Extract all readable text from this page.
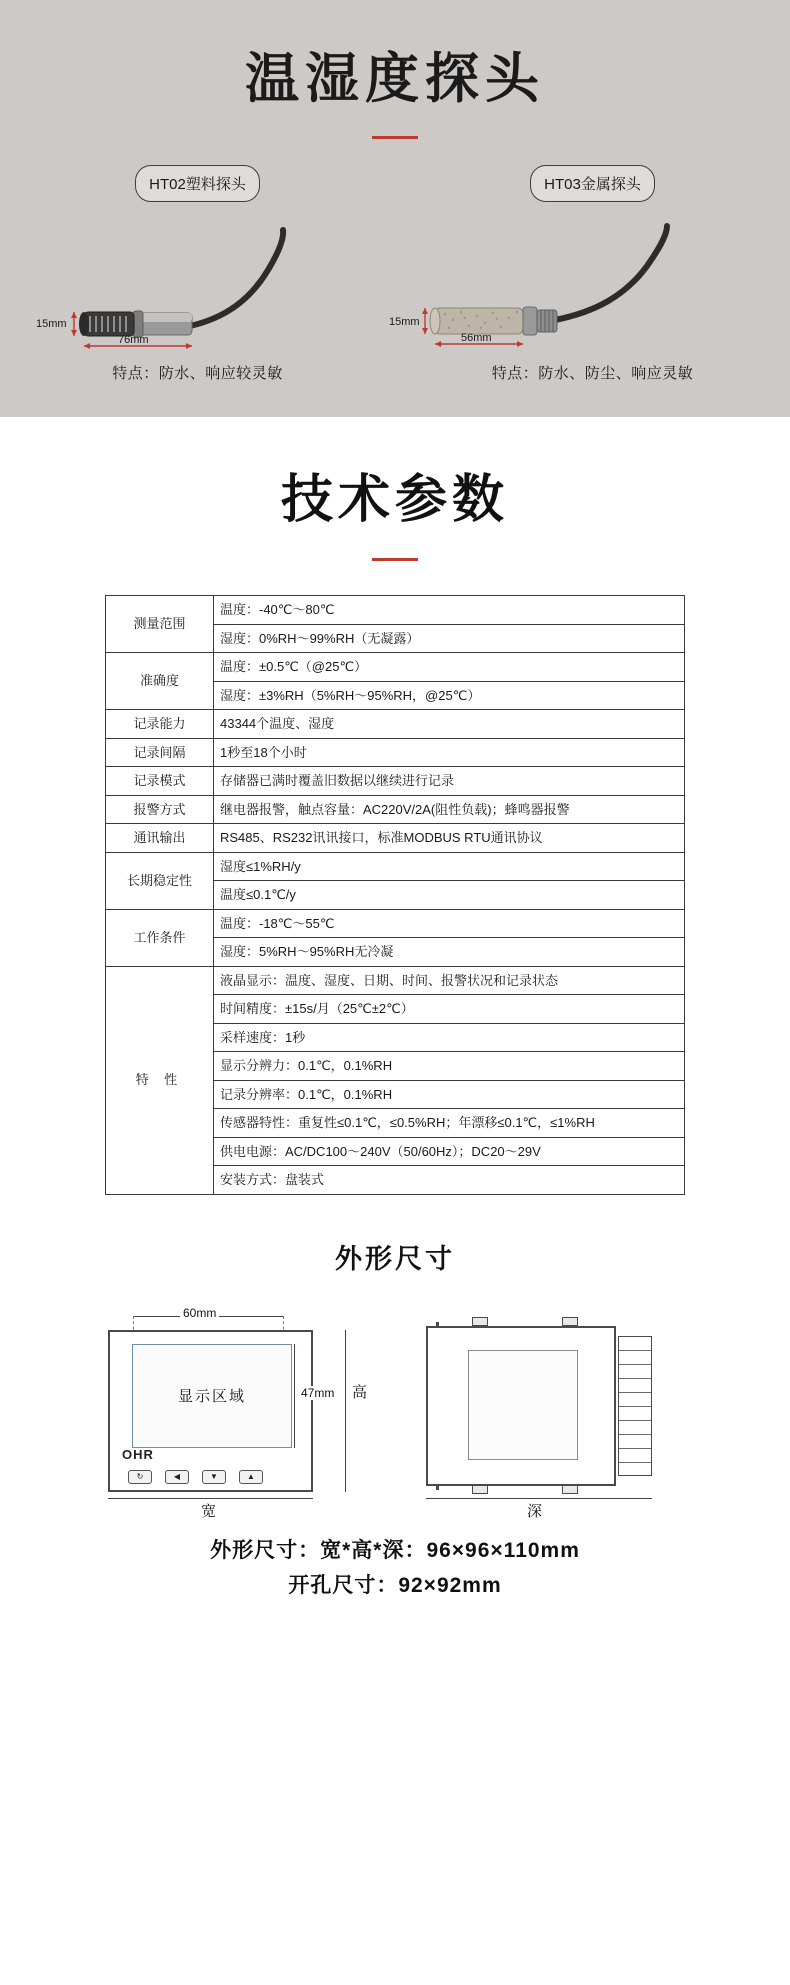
温湿度探头
HT02塑料探头
15mm
76mm
特点：防水、响应较灵敏
HT03金属探头
15mm
56mm
特点：防水、防尘、响应灵敏
技术参数
测量范围	温度：-40℃～80℃
	湿度：0%RH～99%RH（无凝露）
准确度	温度：±0.5℃（@25℃）
	湿度：±3%RH（5%RH～95%RH，@25℃）
记录能力	43344个温度、湿度
记录间隔	1秒至18个小时
记录模式	存储器已满时覆盖旧数据以继续进行记录
报警方式	继电器报警，触点容量：AC220V/2A(阻性负载)；蜂鸣器报警
通讯输出	RS485、RS232讯讯接口，标准MODBUS RTU通讯协议
长期稳定性	湿度≤1%RH/y
	温度≤0.1℃/y
工作条件	温度：-18℃～55℃
	湿度：5%RH～95%RH无冷凝
特 性	液晶显示：温度、湿度、日期、时间、报警状况和记录状态
	时间精度：±15s/月（25℃±2℃）
	采样速度：1秒
	显示分辨力：0.1℃，0.1%RH
	记录分辨率：0.1℃，0.1%RH
	传感器特性：重复性≤0.1℃，≤0.5%RH；年漂移≤0.1℃，≤1%RH
	供电电源：AC/DC100～240V（50/60Hz）；DC20～29V
	安装方式：盘装式
外形尺寸
60mm
显示区域
OHR
↻	◀	▼	▲
47mm 高
宽	深
外形尺寸：宽*高*深：96×96×110mm
开孔尺寸：92×92mm
